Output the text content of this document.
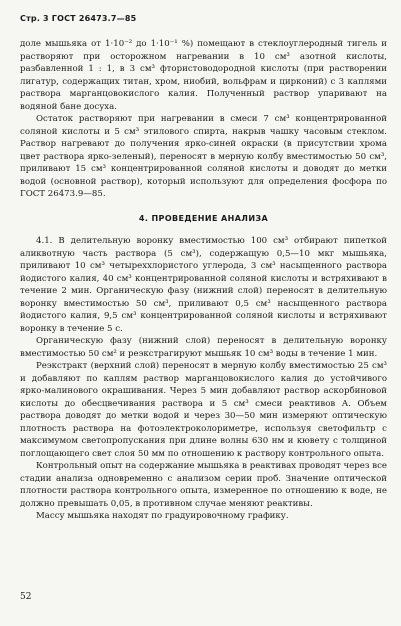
Стр. 3 ГОСТ 26473.7—85

доле мышьяка от 1·10⁻² до 1·10⁻¹ %) помещают в стеклоуглеродный тигель и растворяют при осторожном нагревании в 10 см³ азотной кислоты, разбавленной 1 : 1, в 3 см³ фтористоводородной кислоты (при растворении лигатур, содержащих титан, хром, ниобий, вольфрам и цирконий) с 3 каплями раствора марганцовокислого калия. Полученный раствор упаривают на водяной бане досуха.

Остаток растворяют при нагревании в смеси 7 см³ концентрированной соляной кислоты и 5 см³ этилового спирта, накрыв чашку часовым стеклом. Раствор нагревают до получения ярко-синей окраски (в присутствии хрома цвет раствора ярко-зеленый), переносят в мерную колбу вместимостью 50 см³, приливают 15 см³ концентрированной соляной кислоты и доводят до метки водой (основной раствор), который используют для определения фосфора по ГОСТ 26473.9—85.

4. ПРОВЕДЕНИЕ АНАЛИЗА

4.1. В делительную воронку вместимостью 100 см³ отбирают пипеткой аликвотную часть раствора (5 см³), содержащую 0,5—10 мкг мышьяка, приливают 10 см³ четыреххлористого углерода, 3 см³ насыщенного раствора йодистого калия, 40 см³ концентрированной соляной кислоты и встряхивают в течение 2 мин. Органическую фазу (нижний слой) переносят в делительную воронку вместимостью 50 см³, приливают 0,5 см³ насыщенного раствора йодистого калия, 9,5 см³ концентрированной соляной кислоты и встряхивают воронку в течение 5 с.

Органическую фазу (нижний слой) переносят в делительную воронку вместимостью 50 см² и реэкстрагируют мышьяк 10 см³ воды в течение 1 мин.

Реэкстракт (верхний слой) переносят в мерную колбу вместимостью 25 см³ и добавляют по каплям раствор марганцовокислого калия до устойчивого ярко-малинового окрашивания. Через 5 мин добавляют раствор аскорбиновой кислоты до обесцвечивания раствора и 5 см³ смеси реактивов А. Объем раствора доводят до метки водой и через 30—50 мин измеряют оптическую плотность раствора на фотоэлектроколориметре, используя светофильтр с максимумом светопропускания при длине волны 630 нм и кювету с толщиной поглощающего свет слоя 50 мм по отношению к раствору контрольного опыта.

Контрольный опыт на содержание мышьяка в реактивах проводят через все стадии анализа одновременно с анализом серии проб. Значение оптической плотности раствора контрольного опыта, измеренное по отношению к воде, не должно превышать 0,05, в противном случае меняют реактивы.

Массу мышьяка находят по градуировочному графику.

52
